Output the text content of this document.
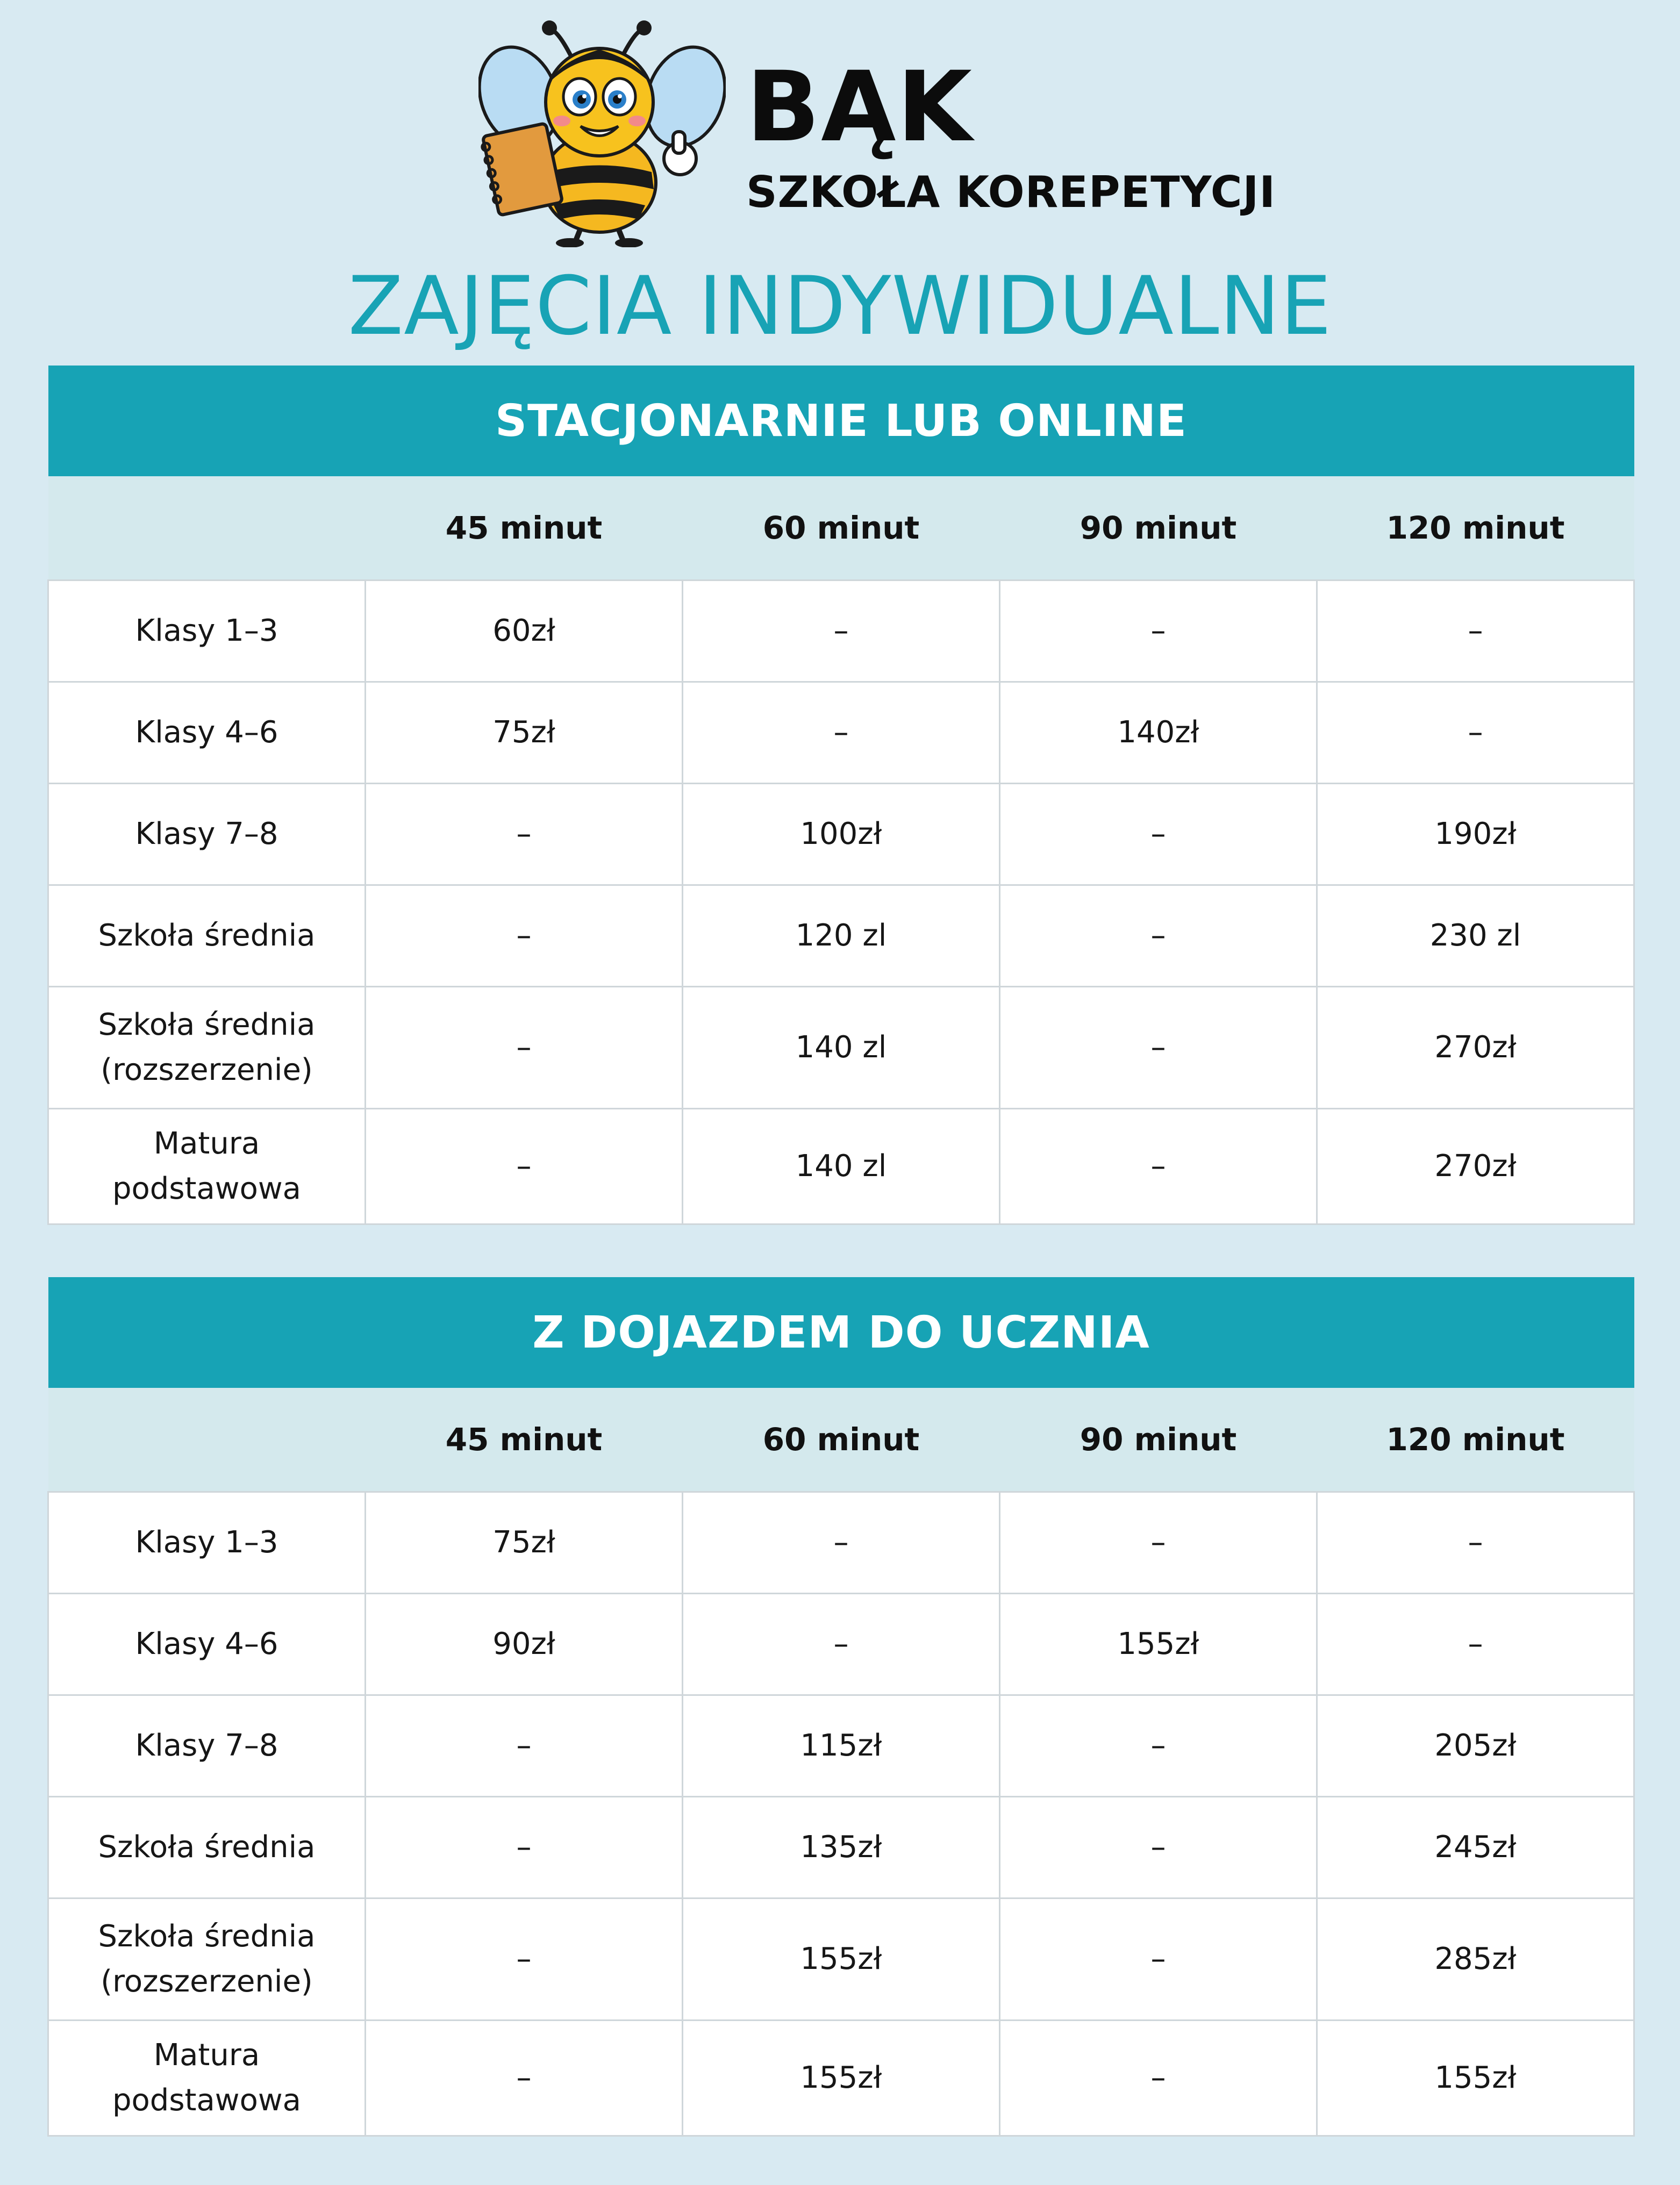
BĄK
SZKOŁA KOREPETYCJI
ZAJĘCIA INDYWIDUALNE
STACJONARNIE LUB ONLINE				
	45 minut	60 minut	90 minut	120 minut

Klasy 1–3	60zł	–	–	–

Klasy 4–6	75zł	–	140zł	–

Klasy 7–8	–	100zł	–	190zł

Szkoła średnia	–	120 zl	–	230 zl

Szkoła średnia
(rozszerzenie)	–	140 zl	–	270zł

Matura
podstawowa	–	140 zl	–	270zł
Z DOJAZDEM DO UCZNIA				
	45 minut	60 minut	90 minut	120 minut

Klasy 1–3	75zł	–	–	–

Klasy 4–6	90zł	–	155zł	–

Klasy 7–8	–	115zł	–	205zł

Szkoła średnia	–	135zł	–	245zł

Szkoła średnia
(rozszerzenie)	–	155zł	–	285zł

Matura
podstawowa	–	155zł	–	155zł
